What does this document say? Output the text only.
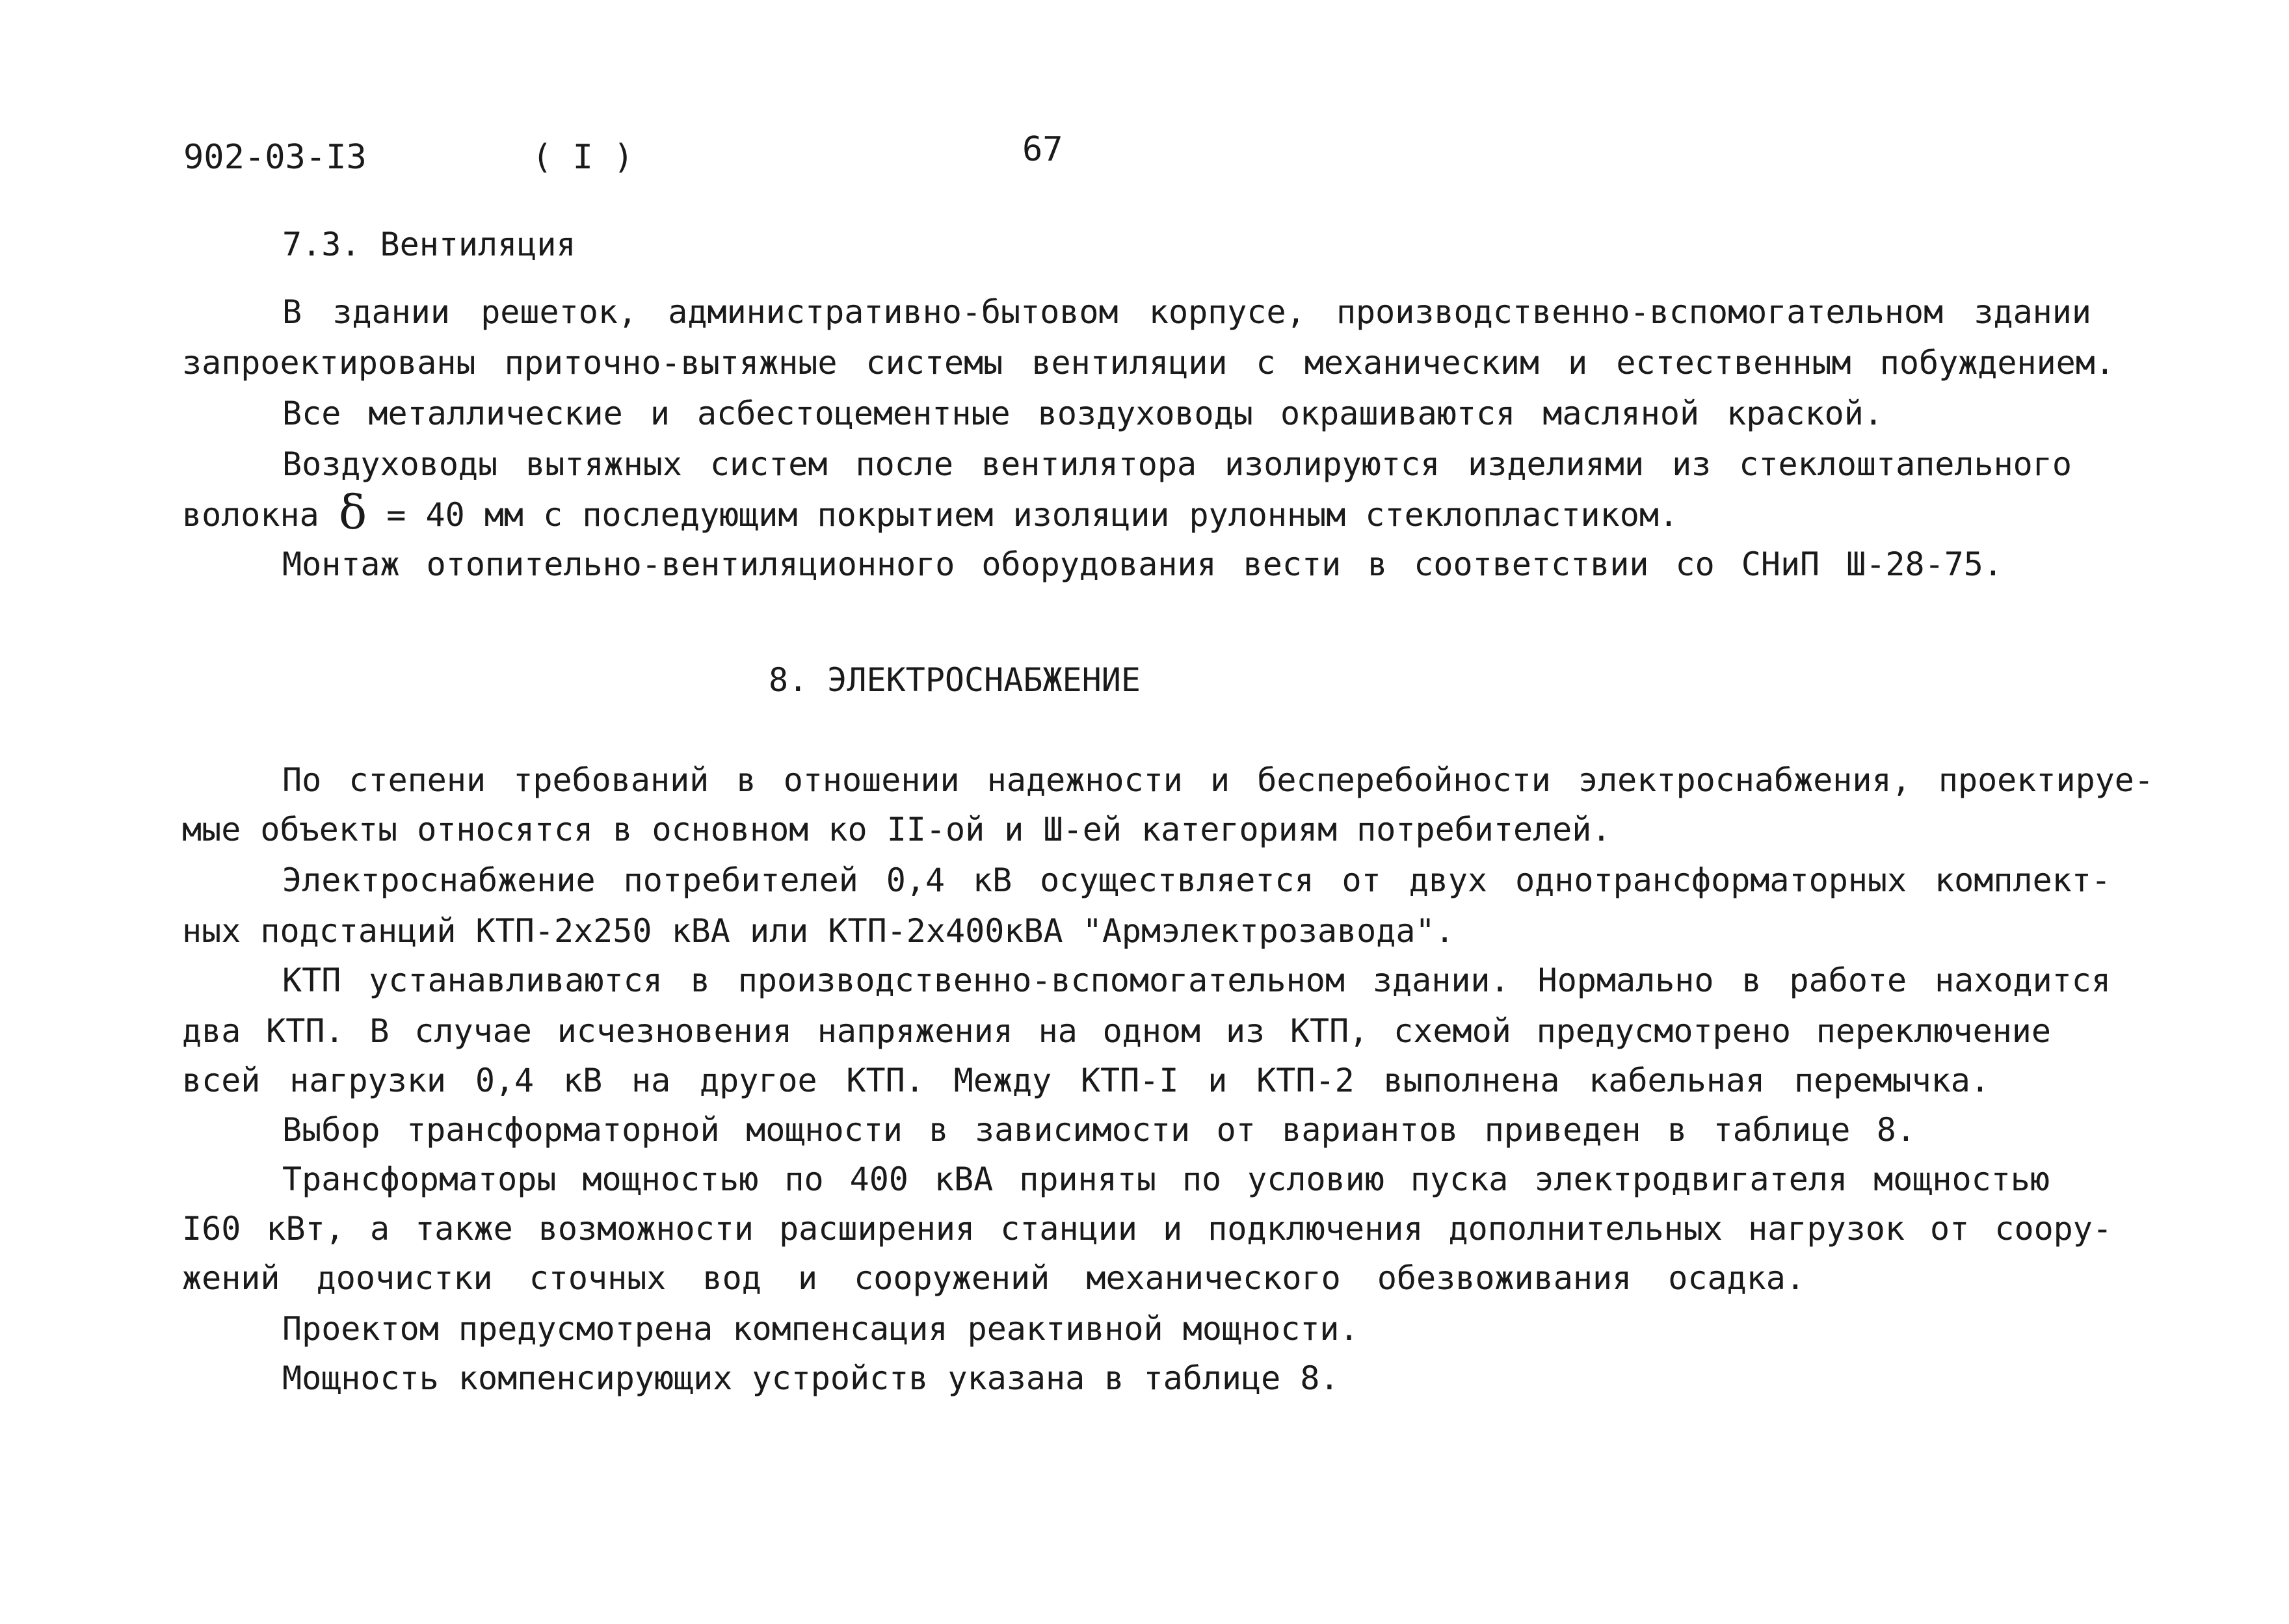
902-03-I3	( I )	67
7.3. Вентиляция
В здании решеток, административно-бытовом корпусе, производственно-вспомогательном здании
запроектированы приточно-вытяжные системы вентиляции с механическим и естественным побуждением.
Все металлические и асбестоцементные воздуховоды окрашиваются масляной краской.
Воздуховоды вытяжных систем после вентилятора изолируются изделиями из стеклоштапельного
волокна δ = 40 мм с последующим покрытием изоляции рулонным стеклопластиком.
Монтаж отопительно-вентиляционного оборудования вести в соответствии со СНиП Ш-28-75.
8. ЭЛЕКТРОСНАБЖЕНИЕ
По степени требований в отношении надежности и бесперебойности электроснабжения, проектируе-
мые объекты относятся в основном ко II-ой и Ш-ей категориям потребителей.
Электроснабжение потребителей 0,4 кВ осуществляется от двух однотрансформаторных комплект-
ных подстанций КТП-2х250 кВА или КТП-2х400кВА "Армэлектрозавода".
КТП устанавливаются в производственно-вспомогательном здании. Нормально в работе находится
два КТП. В случае исчезновения напряжения на одном из КТП, схемой предусмотрено переключение
всей нагрузки 0,4 кВ на другое КТП. Между КТП-I и КТП-2 выполнена кабельная перемычка.
Выбор трансформаторной мощности в зависимости от вариантов приведен в таблице 8.
Трансформаторы мощностью по 400 кВА приняты по условию пуска электродвигателя мощностью
I60 кВт, а также возможности расширения станции и подключения дополнительных нагрузок от соору-
жений доочистки сточных вод и сооружений механического обезвоживания осадка.
Проектом предусмотрена компенсация реактивной мощности.
Мощность компенсирующих устройств указана в таблице 8.
